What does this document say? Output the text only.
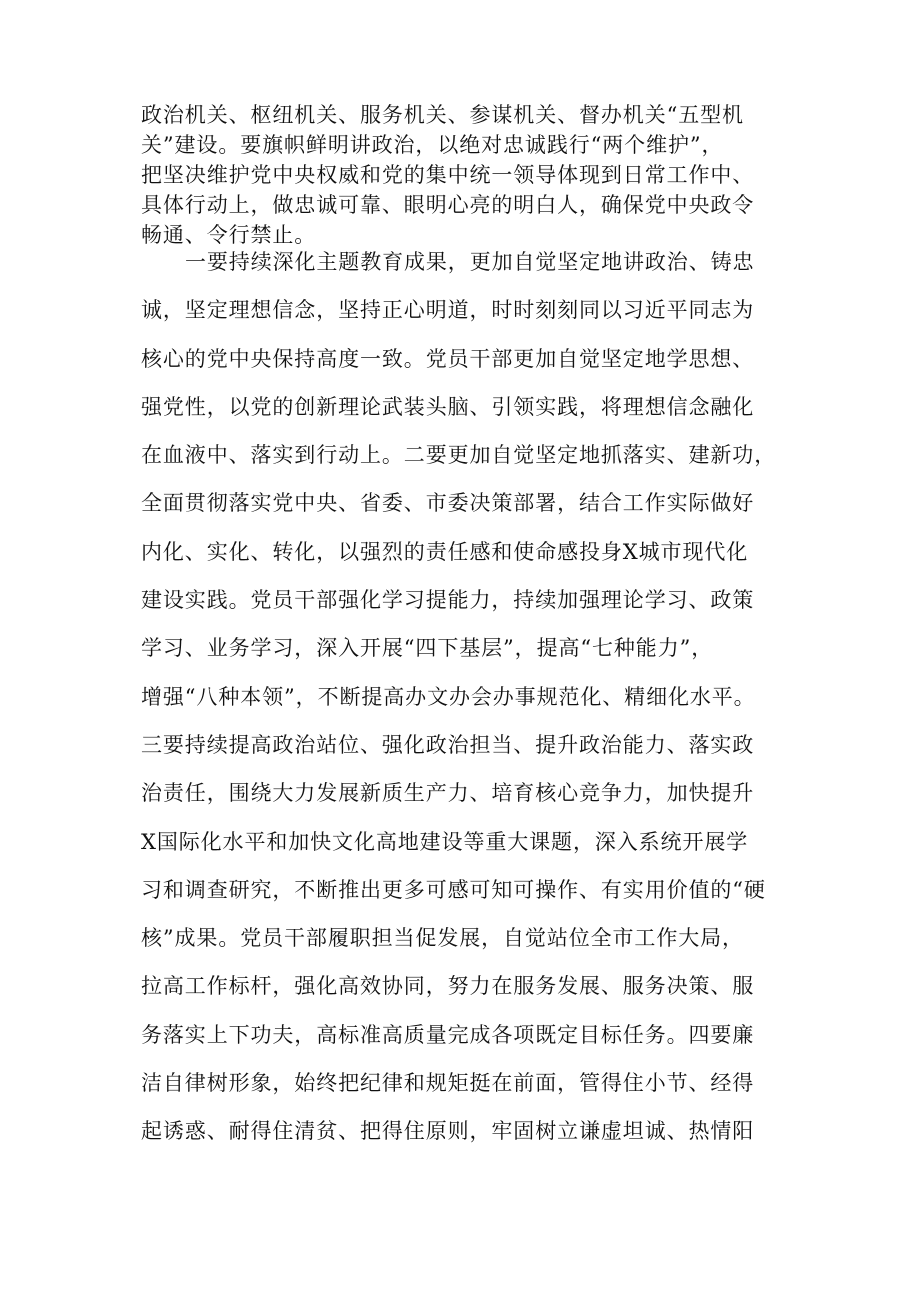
政治机关、枢纽机关、服务机关、参谋机关、督办机关“五型机
关”建设。要旗帜鲜明讲政治，以绝对忠诚践行“两个维护”，
把坚决维护党中央权威和党的集中统一领导体现到日常工作中、
具体行动上，做忠诚可靠、眼明心亮的明白人，确保党中央政令
畅通、令行禁止。
一要持续深化主题教育成果，更加自觉坚定地讲政治、铸忠
诚，坚定理想信念，坚持正心明道，时时刻刻同以习近平同志为
核心的党中央保持高度一致。党员干部更加自觉坚定地学思想、
强党性，以党的创新理论武装头脑、引领实践，将理想信念融化
在血液中、落实到行动上。二要更加自觉坚定地抓落实、建新功，
全面贯彻落实党中央、省委、市委决策部署，结合工作实际做好
内化、实化、转化，以强烈的责任感和使命感投身X城市现代化
建设实践。党员干部强化学习提能力，持续加强理论学习、政策
学习、业务学习，深入开展“四下基层”，提高“七种能力”，
增强“八种本领”，不断提高办文办会办事规范化、精细化水平。
三要持续提高政治站位、强化政治担当、提升政治能力、落实政
治责任，围绕大力发展新质生产力、培育核心竞争力，加快提升
X国际化水平和加快文化高地建设等重大课题，深入系统开展学
习和调查研究，不断推出更多可感可知可操作、有实用价值的“硬
核”成果。党员干部履职担当促发展，自觉站位全市工作大局，
拉高工作标杆，强化高效协同，努力在服务发展、服务决策、服
务落实上下功夫，高标准高质量完成各项既定目标任务。四要廉
洁自律树形象，始终把纪律和规矩挺在前面，管得住小节、经得
起诱惑、耐得住清贫、把得住原则，牢固树立谦虚坦诚、热情阳
